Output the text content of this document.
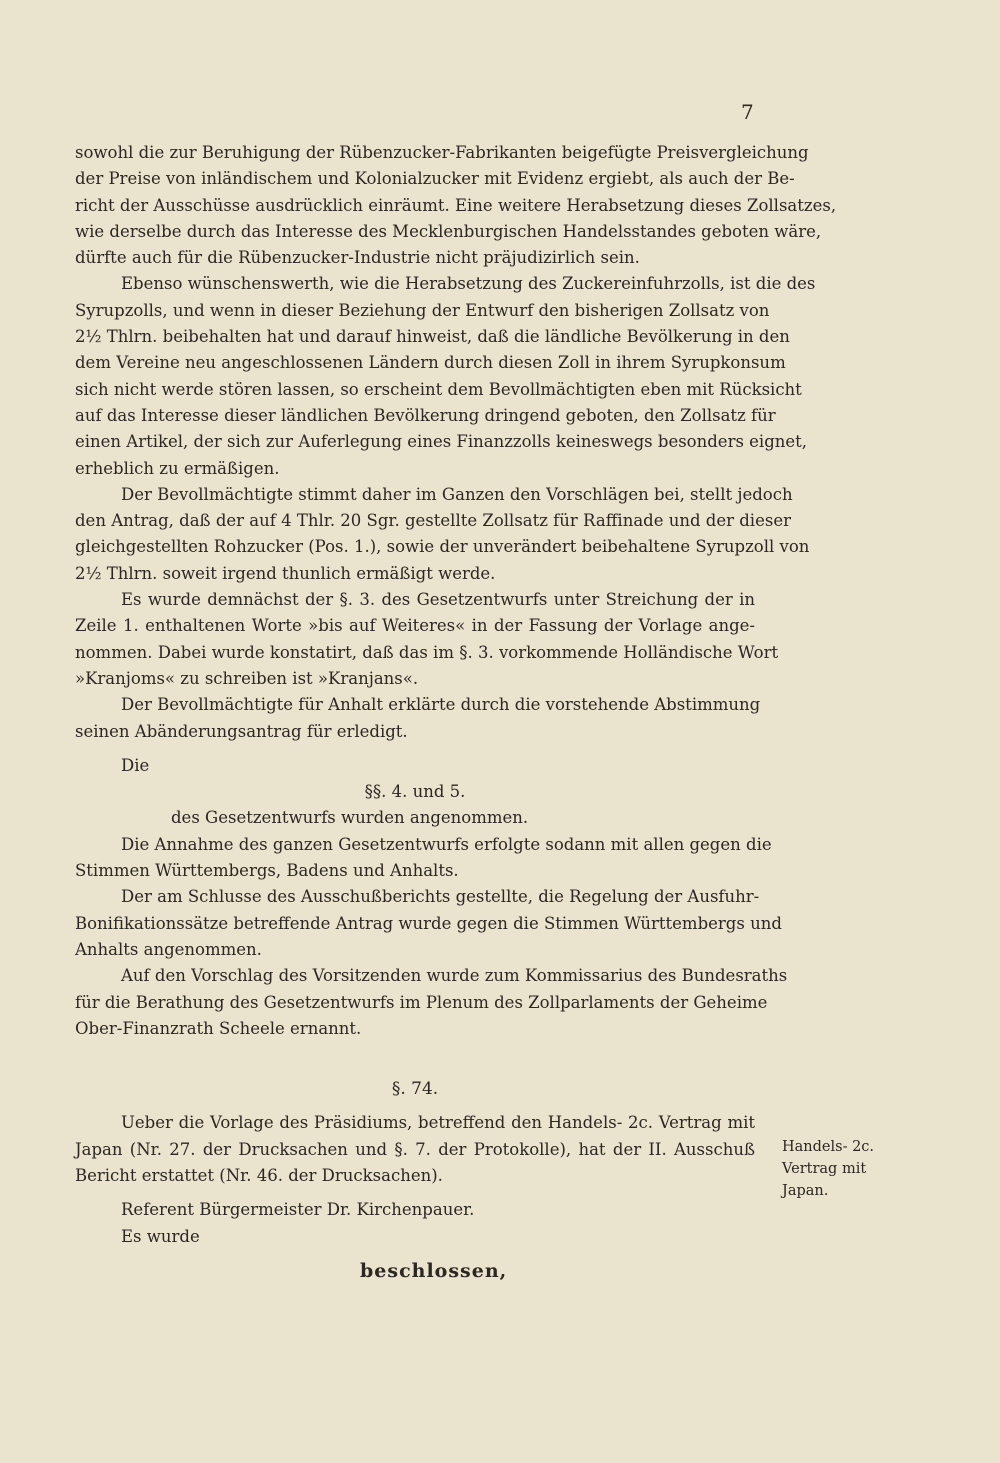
7
sowohl die zur Beruhigung der Rübenzucker-Fabrikanten beigefügte Preisvergleichung
der Preise von inländischem und Kolonialzucker mit Evidenz ergiebt, als auch der Be-
richt der Ausschüsse ausdrücklich einräumt. Eine weitere Herabsetzung dieses Zollsatzes,
wie derselbe durch das Interesse des Mecklenburgischen Handelsstandes geboten wäre,
dürfte auch für die Rübenzucker-Industrie nicht präjudizirlich sein.
Ebenso wünschenswerth, wie die Herabsetzung des Zuckereinfuhrzolls, ist die des
Syrupzolls, und wenn in dieser Beziehung der Entwurf den bisherigen Zollsatz von
2½ Thlrn. beibehalten hat und darauf hinweist, daß die ländliche Bevölkerung in den
dem Vereine neu angeschlossenen Ländern durch diesen Zoll in ihrem Syrupkonsum
sich nicht werde stören lassen, so erscheint dem Bevollmächtigten eben mit Rücksicht
auf das Interesse dieser ländlichen Bevölkerung dringend geboten, den Zollsatz für
einen Artikel, der sich zur Auferlegung eines Finanzzolls keineswegs besonders eignet,
erheblich zu ermäßigen.
Der Bevollmächtigte stimmt daher im Ganzen den Vorschlägen bei, stellt jedoch
den Antrag, daß der auf 4 Thlr. 20 Sgr. gestellte Zollsatz für Raffinade und der dieser
gleichgestellten Rohzucker (Pos. 1.), sowie der unverändert beibehaltene Syrupzoll von
2½ Thlrn. soweit irgend thunlich ermäßigt werde.
Es wurde demnächst der §. 3. des Gesetzentwurfs unter Streichung der in
Zeile 1. enthaltenen Worte »bis auf Weiteres« in der Fassung der Vorlage ange-
nommen. Dabei wurde konstatirt, daß das im §. 3. vorkommende Holländische Wort
»Kranjoms« zu schreiben ist »Kranjans«.
Der Bevollmächtigte für Anhalt erklärte durch die vorstehende Abstimmung
seinen Abänderungsantrag für erledigt.
Die
§§. 4. und 5.
des Gesetzentwurfs wurden angenommen.
Die Annahme des ganzen Gesetzentwurfs erfolgte sodann mit allen gegen die
Stimmen Württembergs, Badens und Anhalts.
Der am Schlusse des Ausschußberichts gestellte, die Regelung der Ausfuhr-
Bonifikationssätze betreffende Antrag wurde gegen die Stimmen Württembergs und
Anhalts angenommen.
Auf den Vorschlag des Vorsitzenden wurde zum Kommissarius des Bundesraths
für die Berathung des Gesetzentwurfs im Plenum des Zollparlaments der Geheime
Ober-Finanzrath Scheele ernannt.
§. 74.
Ueber die Vorlage des Präsidiums, betreffend den Handels- 2c. Vertrag mit
Japan (Nr. 27. der Drucksachen und §. 7. der Protokolle), hat der II. Ausschuß
Bericht erstattet (Nr. 46. der Drucksachen).
Referent Bürgermeister Dr. Kirchenpauer.
Es wurde
beschlossen,
Handels- 2c.
Vertrag mit
Japan.
